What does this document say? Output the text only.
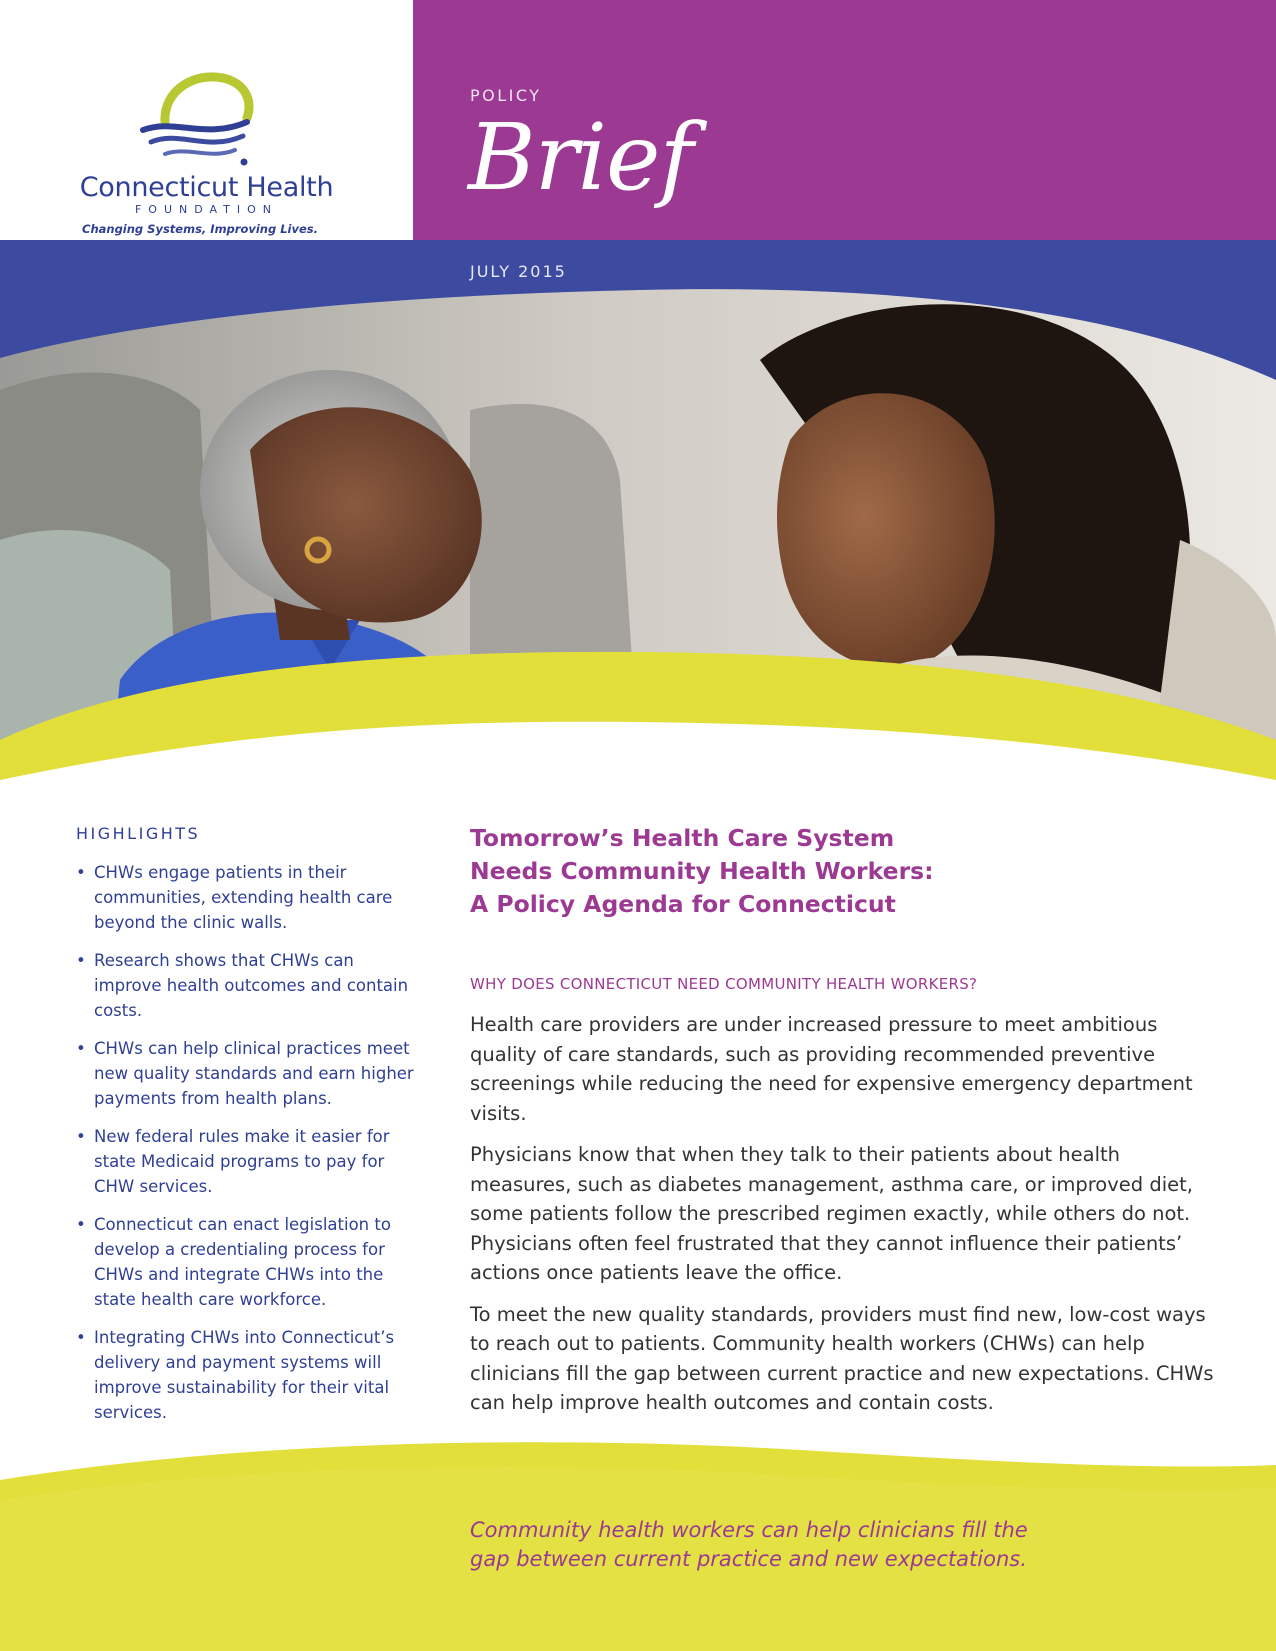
Connecticut Health
FOUNDATION
Changing Systems, Improving Lives.
POLICY
Brief
JULY 2015
HIGHLIGHTS
• CHWs engage patients in their communities, extending health care beyond the clinic walls.
• Research shows that CHWs can improve health outcomes and contain costs.
• CHWs can help clinical practices meet new quality standards and earn higher payments from health plans.
• New federal rules make it easier for state Medicaid programs to pay for CHW services.
• Connecticut can enact legislation to develop a credentialing process for CHWs and integrate CHWs into the state health care workforce.
• Integrating CHWs into Connecticut’s delivery and payment systems will improve sustainability for their vital services.
Tomorrow’s Health Care System
Needs Community Health Workers:
A Policy Agenda for Connecticut
WHY DOES CONNECTICUT NEED COMMUNITY HEALTH WORKERS?

Health care providers are under increased pressure to meet ambitious quality of care standards, such as providing recommended preventive screenings while reducing the need for expensive emergency department visits.

Physicians know that when they talk to their patients about health measures, such as diabetes management, asthma care, or improved diet, some patients follow the prescribed regimen exactly, while others do not. Physicians often feel frustrated that they cannot influence their patients’ actions once patients leave the office.

To meet the new quality standards, providers must find new, low-cost ways to reach out to patients. Community health workers (CHWs) can help clinicians fill the gap between current practice and new expectations. CHWs can help improve health outcomes and contain costs.

Community health workers can help clinicians fill the
gap between current practice and new expectations.
